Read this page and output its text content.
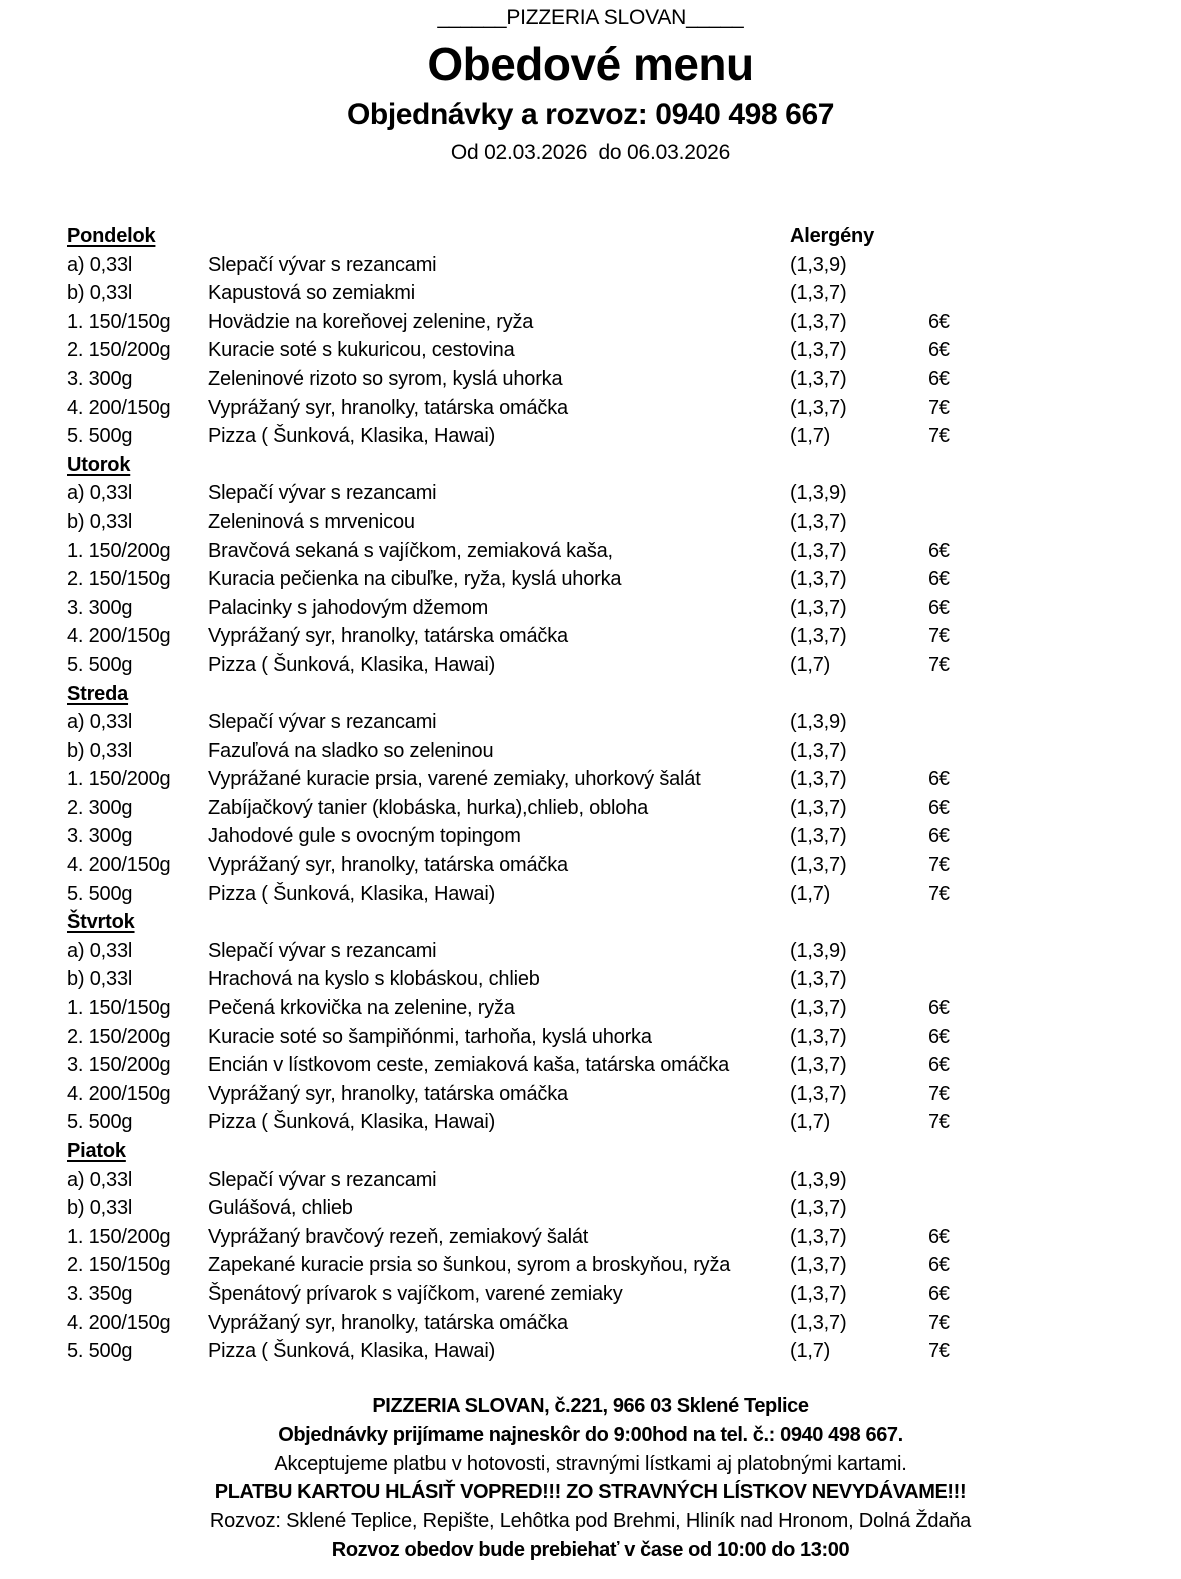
______PIZZERIA SLOVAN_____
Obedové menu
Objednávky a rozvoz: 0940 498 667
Od 02.03.2026  do 06.03.2026
Pondelok	Alergény
a) 0,33l	Slepačí vývar s rezancami	(1,3,9)
b) 0,33l	Kapustová so zemiakmi	(1,3,7)
1. 150/150g Hovädzie na koreňovej zelenine, ryža	(1,3,7)	6€
2. 150/200g Kuracie soté s kukuricou, cestovina	(1,3,7)	6€
3. 300g	Zeleninové rizoto so syrom, kyslá uhorka	(1,3,7)	6€
4. 200/150g Vyprážaný syr, hranolky, tatárska omáčka	(1,3,7)	7€
5. 500g	Pizza ( Šunková, Klasika, Hawai)	(1,7)	7€
Utorok
a) 0,33l	Slepačí vývar s rezancami	(1,3,9)
b) 0,33l	Zeleninová s mrvenicou	(1,3,7)
1. 150/200g Bravčová sekaná s vajíčkom, zemiaková kaša,	(1,3,7)	6€
2. 150/150g Kuracia pečienka na cibuľke, ryža, kyslá uhorka	(1,3,7)	6€
3. 300g	Palacinky s jahodovým džemom	(1,3,7)	6€
4. 200/150g Vyprážaný syr, hranolky, tatárska omáčka	(1,3,7)	7€
5. 500g	Pizza ( Šunková, Klasika, Hawai)	(1,7)	7€
Streda
a) 0,33l	Slepačí vývar s rezancami	(1,3,9)
b) 0,33l	Fazuľová na sladko so zeleninou	(1,3,7)
1. 150/200g Vyprážané kuracie prsia, varené zemiaky, uhorkový šalát	(1,3,7)	6€
2. 300g	Zabíjačkový tanier (klobáska, hurka),chlieb, obloha	(1,3,7)	6€
3. 300g	Jahodové gule s ovocným topingom	(1,3,7)	6€
4. 200/150g Vyprážaný syr, hranolky, tatárska omáčka	(1,3,7)	7€
5. 500g	Pizza ( Šunková, Klasika, Hawai)	(1,7)	7€
Štvrtok
a) 0,33l	Slepačí vývar s rezancami	(1,3,9)
b) 0,33l	Hrachová na kyslo s klobáskou, chlieb	(1,3,7)
1. 150/150g Pečená krkovička na zelenine, ryža	(1,3,7)	6€
2. 150/200g Kuracie soté so šampiňónmi, tarhoňa, kyslá uhorka	(1,3,7)	6€
3. 150/200g Encián v lístkovom ceste, zemiaková kaša, tatárska omáčka	(1,3,7)	6€
4. 200/150g Vyprážaný syr, hranolky, tatárska omáčka	(1,3,7)	7€
5. 500g	Pizza ( Šunková, Klasika, Hawai)	(1,7)	7€
Piatok
a) 0,33l	Slepačí vývar s rezancami	(1,3,9)
b) 0,33l	Gulášová, chlieb	(1,3,7)
1. 150/200g Vyprážaný bravčový rezeň, zemiakový šalát	(1,3,7)	6€
2. 150/150g Zapekané kuracie prsia so šunkou, syrom a broskyňou, ryža	(1,3,7)	6€
3. 350g	Špenátový prívarok s vajíčkom, varené zemiaky	(1,3,7)	6€
4. 200/150g Vyprážaný syr, hranolky, tatárska omáčka	(1,3,7)	7€
5. 500g	Pizza ( Šunková, Klasika, Hawai)	(1,7)	7€
PIZZERIA SLOVAN, č.221, 966 03 Sklené Teplice
Objednávky prijímame najneskôr do 9:00hod na tel. č.: 0940 498 667.
Akceptujeme platbu v hotovosti, stravnými lístkami aj platobnými kartami.
PLATBU KARTOU HLÁSIŤ VOPRED!!! ZO STRAVNÝCH LÍSTKOV NEVYDÁVAME!!!
Rozvoz: Sklené Teplice, Repište, Lehôtka pod Brehmi, Hliník nad Hronom, Dolná Ždaňa
Rozvoz obedov bude prebiehať v čase od 10:00 do 13:00
